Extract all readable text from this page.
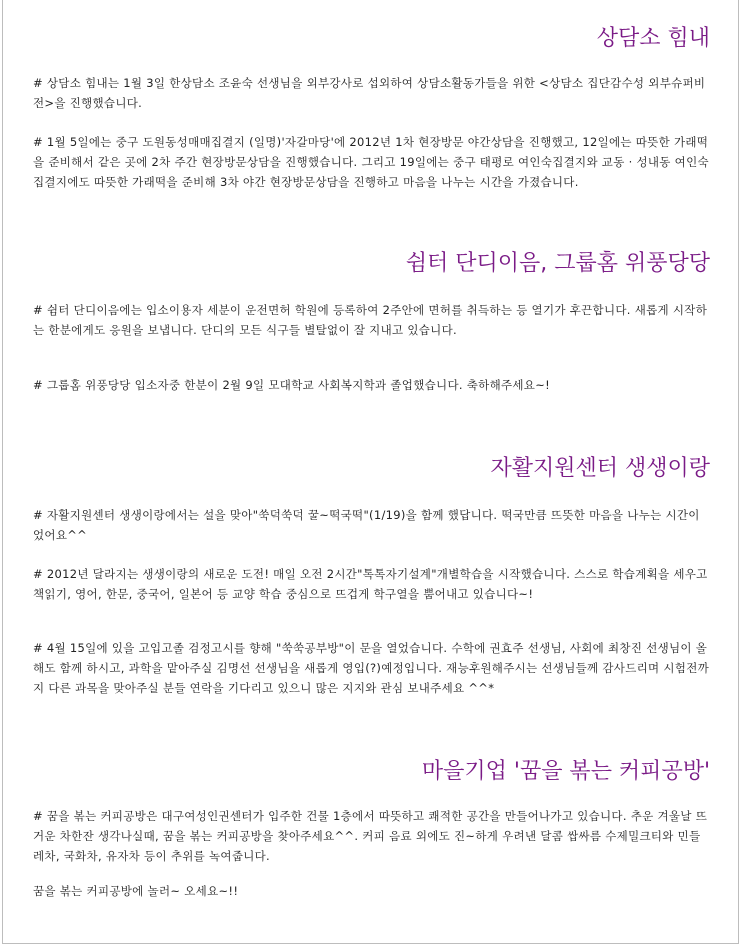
상담소 힘내

# 상담소 힘내는 1월 3일 한상담소 조윤숙 선생님을 외부강사로 섭외하여 상담소활동가들을 위한 <상담소 집단감수성 외부슈퍼비전>을 진행했습니다.

# 1월 5일에는 중구 도원동성매매집결지 (일명)'자갈마당'에 2012년 1차 현장방문 야간상담을 진행했고, 12일에는 따뜻한 가래떡을 준비해서 같은 곳에 2차 주간 현장방문상담을 진행했습니다. 그리고 19일에는 중구 태평로 여인숙집결지와 교동 · 성내동 여인숙집결지에도 따뜻한 가래떡을 준비해 3차 야간 현장방문상담을 진행하고 마음을 나누는 시간을 가졌습니다.

쉼터 단디이음, 그룹홈 위풍당당

# 쉼터 단디이음에는 입소이용자 세분이 운전면허 학원에 등록하여 2주안에 면허를 취득하는 등 열기가 후끈합니다. 새롭게 시작하는 한분에게도 응원을 보냅니다. 단디의 모든 식구들 별탈없이 잘 지내고 있습니다.

# 그룹홈 위풍당당 입소자중 한분이 2월 9일 모대학교 사회복지학과 졸업했습니다. 축하해주세요~!

자활지원센터 생생이랑

# 자활지원센터 생생이랑에서는 설을 맞아"쑥덕쑥덕 꿀~떡국떡"(1/19)을 함께 했답니다. 떡국만큼 뜨뜻한 마음을 나누는 시간이었어요^^

# 2012년 달라지는 생생이랑의 새로운 도전! 매일 오전 2시간"톡톡자기설계"개별학습을 시작했습니다. 스스로 학습계획을 세우고 책읽기, 영어, 한문, 중국어, 일본어 등 교양 학습 중심으로 뜨겁게 학구열을 뿜어내고 있습니다~!

# 4월 15일에 있을 고입고졸 검정고시를 향해 "쑥쑥공부방"이 문을 열었습니다. 수학에 권효주 선생님, 사회에 최창진 선생님이 올해도 함께 하시고, 과학을 맡아주실 김명선 선생님을 새롭게 영입(?)예정입니다. 재능후원해주시는 선생님들께 감사드리며 시험전까지 다른 과목을 맞아주실 분들 연락을 기다리고 있으니 많은 지지와 관심 보내주세요 ^^*

마을기업 '꿈을 볶는 커피공방'

# 꿈을 볶는 커피공방은 대구여성인권센터가 입주한 건물 1층에서 따뜻하고 쾌적한 공간을 만들어나가고 있습니다. 추운 겨울날 뜨거운 차한잔 생각나실때, 꿈을 볶는 커피공방을 찾아주세요^^. 커피 음료 외에도 진~하게 우려낸 달콤 쌉싸름 수제밀크티와 민들레차, 국화차, 유자차 등이 추위를 녹여줍니다.

꿈을 볶는 커피공방에 놀러~ 오세요~!!
